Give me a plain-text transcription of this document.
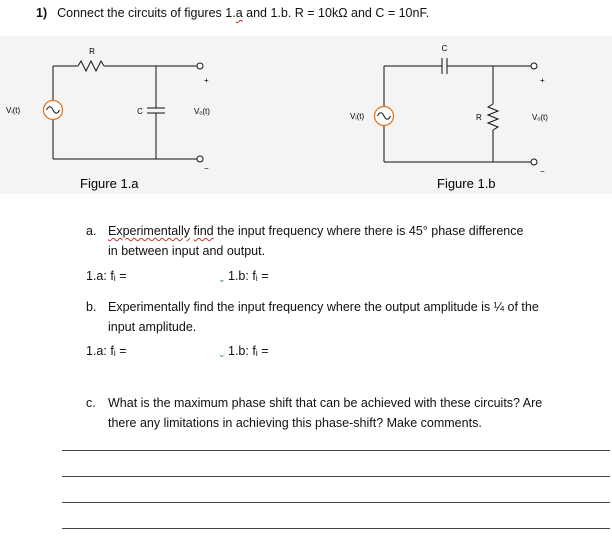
1) Connect the circuits of figures 1.a and 1.b. R = 10kΩ and C = 10nF.
R
C
Vᵢ(t)	Vₒ(t)
+
−
Figure 1.a
C
R
Vᵢ(t)	Vₒ(t)
+
−
Figure 1.b
a. Experimentally find the input frequency where there is 45° phase difference
in between input and output.
1.a: fᵢ =	⌄ 1.b: fᵢ =
b. Experimentally find the input frequency where the output amplitude is ¼ of the
input amplitude.
1.a: fᵢ =	⌄ 1.b: fᵢ =
c. What is the maximum phase shift that can be achieved with these circuits? Are
there any limitations in achieving this phase-shift? Make comments.
